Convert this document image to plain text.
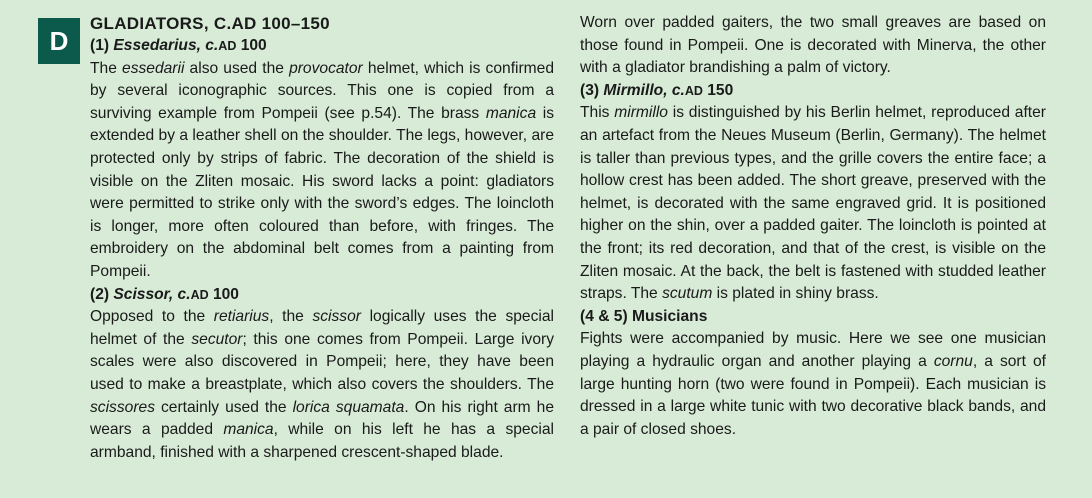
D
GLADIATORS, C.AD 100–150
(1) Essedarius, c.AD 100

The essedarii also used the provocator helmet, which is confirmed by several iconographic sources. This one is copied from a surviving example from Pompeii (see p.54). The brass manica is extended by a leather shell on the shoulder. The legs, however, are protected only by strips of fabric. The decoration of the shield is visible on the Zliten mosaic. His sword lacks a point: gladiators were permitted to strike only with the sword’s edges. The loincloth is longer, more often coloured than before, with fringes. The embroidery on the abdominal belt comes from a painting from Pompeii.

(2) Scissor, c.AD 100

Opposed to the retiarius, the scissor logically uses the special helmet of the secutor; this one comes from Pompeii. Large ivory scales were also discovered in Pompeii; here, they have been used to make a breastplate, which also covers the shoulders. The scissores certainly used the lorica squamata. On his right arm he wears a padded manica, while on his left he has a special armband, finished with a sharpened crescent-shaped blade.

Worn over padded gaiters, the two small greaves are based on those found in Pompeii. One is decorated with Minerva, the other with a gladiator brandishing a palm of victory.

(3) Mirmillo, c.AD 150

This mirmillo is distinguished by his Berlin helmet, reproduced after an artefact from the Neues Museum (Berlin, Germany). The helmet is taller than previous types, and the grille covers the entire face; a hollow crest has been added. The short greave, preserved with the helmet, is decorated with the same engraved grid. It is positioned higher on the shin, over a padded gaiter. The loincloth is pointed at the front; its red decoration, and that of the crest, is visible on the Zliten mosaic. At the back, the belt is fastened with studded leather straps. The scutum is plated in shiny brass.

(4 & 5) Musicians

Fights were accompanied by music. Here we see one musician playing a hydraulic organ and another playing a cornu, a sort of large hunting horn (two were found in Pompeii). Each musician is dressed in a large white tunic with two decorative black bands, and a pair of closed shoes.
